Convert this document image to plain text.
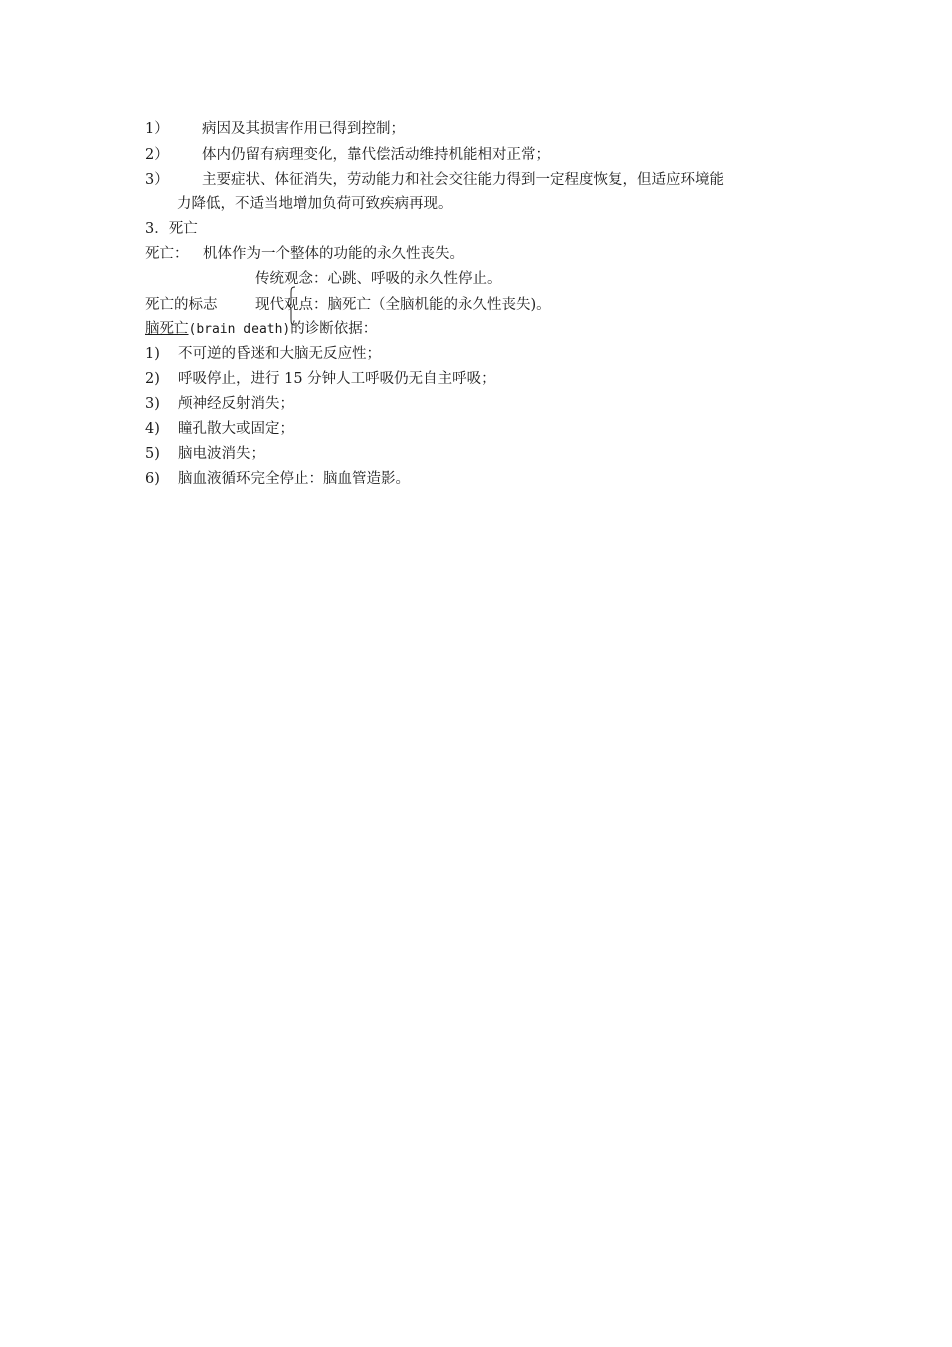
1） 病因及其损害作用已得到控制；
2） 体内仍留有病理变化，靠代偿活动维持机能相对正常；
3） 主要症状、体征消失，劳动能力和社会交往能力得到一定程度恢复，但适应环境能
力降低，不适当地增加负荷可致疾病再现。
3．死亡
死亡： 机体作为一个整体的功能的永久性丧失。
传统观念：心跳、呼吸的永久性停止。
死亡的标志	现代观点：脑死亡（全脑机能的永久性丧失)。
脑死亡(brain death)的诊断依据：
1) 不可逆的昏迷和大脑无反应性；
2) 呼吸停止，进行 15 分钟人工呼吸仍无自主呼吸；
3) 颅神经反射消失；
4) 瞳孔散大或固定；
5) 脑电波消失；
6) 脑血液循环完全停止：脑血管造影。
